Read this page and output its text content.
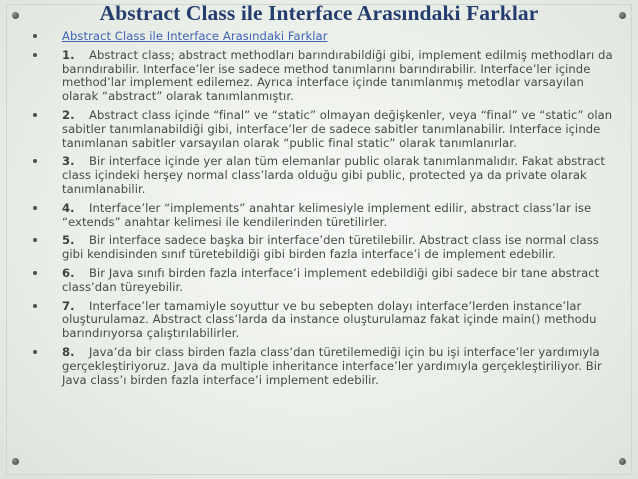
Abstract Class ile Interface Arasındaki Farklar
Abstract Class ile Interface Arasındaki Farklar
1. Abstract class; abstract methodları barındırabildiği gibi, implement edilmiş methodları da barındırabilir. Interface’ler ise sadece method tanımlarını barındırabilir. Interface’ler içinde method’lar implement edilemez. Ayrıca interface içinde tanımlanmış metodlar varsayılan olarak “abstract” olarak tanımlanmıştır.
2. Abstract class içinde “final” ve “static” olmayan değişkenler, veya “final” ve “static” olan sabitler tanımlanabildiği gibi, interface’ler de sadece sabitler tanımlanabilir. Interface içinde tanımlanan sabitler varsayılan olarak “public final static” olarak tanımlanırlar.
3. Bir interface içinde yer alan tüm elemanlar public olarak tanımlanmalıdır. Fakat abstract class içindeki herşey normal class’larda olduğu gibi public, protected ya da private olarak tanımlanabilir.
4. Interface’ler “implements” anahtar kelimesiyle implement edilir, abstract class’lar ise “extends” anahtar kelimesi ile kendilerinden türetilirler.
5. Bir interface sadece başka bir interface’den türetilebilir. Abstract class ise normal class gibi kendisinden sınıf türetebildiği gibi birden fazla interface’i de implement edebilir.
6. Bir Java sınıfı birden fazla interface’i implement edebildiği gibi sadece bir tane abstract class’dan türeyebilir.
7. Interface’ler tamamiyle soyuttur ve bu sebepten dolayı interface’lerden instance’lar oluşturulamaz. Abstract class’larda da instance oluşturulamaz fakat içinde main() methodu barındırıyorsa çalıştırılabilirler.
8. Java’da bir class birden fazla class’dan türetilemediği için bu işi interface’ler yardımıyla gerçekleştiriyoruz. Java da multiple inheritance interface’ler yardımıyla gerçekleştiriliyor. Bir Java class’ı birden fazla interface’i implement edebilir.
